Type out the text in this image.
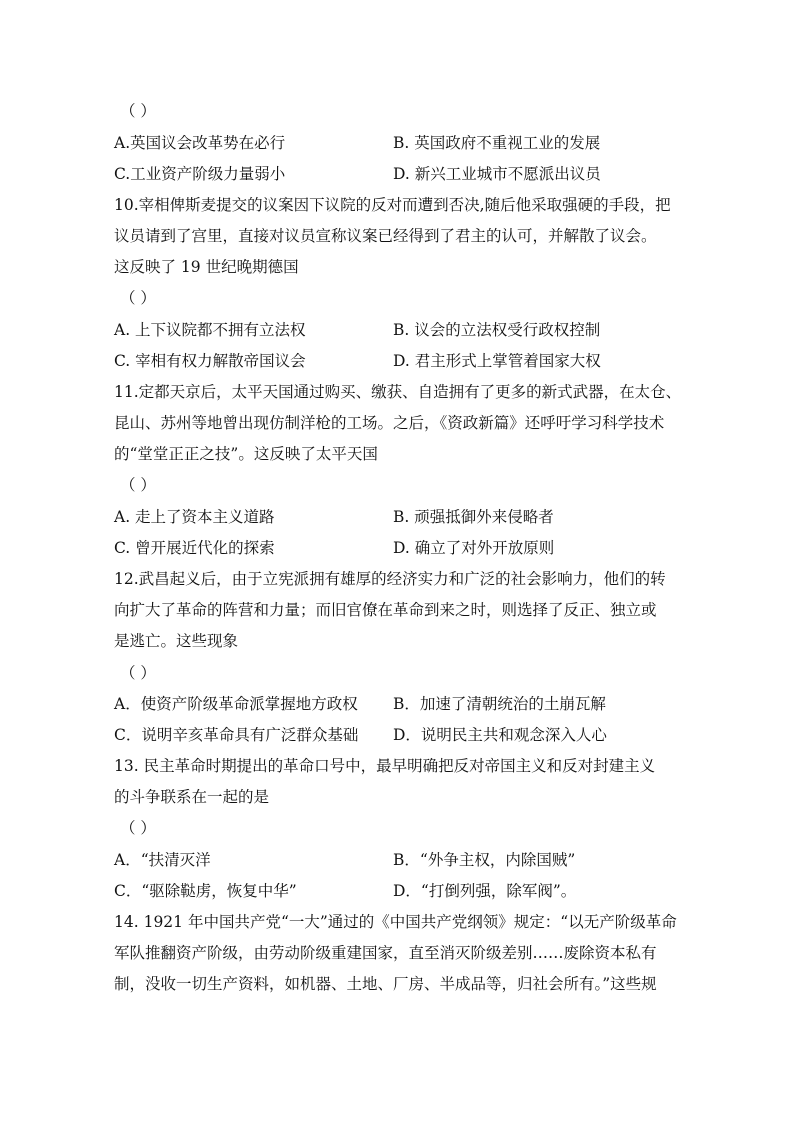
（ ）
A.英国议会改革势在必行	B. 英国政府不重视工业的发展
C.工业资产阶级力量弱小	D. 新兴工业城市不愿派出议员
10.宰相俾斯麦提交的议案因下议院的反对而遭到否决,随后他采取强硬的手段，把
议员请到了宫里，直接对议员宣称议案已经得到了君主的认可，并解散了议会。
这反映了 19 世纪晚期德国
（ ）
A. 上下议院都不拥有立法权	B. 议会的立法权受行政权控制
C. 宰相有权力解散帝国议会	D. 君主形式上掌管着国家大权
11.定都天京后，太平天国通过购买、缴获、自造拥有了更多的新式武器，在太仓、
昆山、苏州等地曾出现仿制洋枪的工场。之后，《资政新篇》还呼吁学习科学技术
的“堂堂正正之技”。这反映了太平天国
（ ）
A. 走上了资本主义道路	B. 顽强抵御外来侵略者
C. 曾开展近代化的探索	D. 确立了对外开放原则
12.武昌起义后，由于立宪派拥有雄厚的经济实力和广泛的社会影响力，他们的转
向扩大了革命的阵营和力量；而旧官僚在革命到来之时，则选择了反正、独立或
是逃亡。这些现象
（ ）
A．使资产阶级革命派掌握地方政权 B．加速了清朝统治的土崩瓦解
C．说明辛亥革命具有广泛群众基础 D．说明民主共和观念深入人心
13. 民主革命时期提出的革命口号中，最早明确把反对帝国主义和反对封建主义
的斗争联系在一起的是
（ ）
A．“扶清灭洋	B．“外争主权，内除国贼”
C．“驱除鞑虏，恢复中华”	D．“打倒列强，除军阀”。
14. 1921 年中国共产党“一大”通过的《中国共产党纲领》规定：“以无产阶级革命
军队推翻资产阶级，由劳动阶级重建国家，直至消灭阶级差别……废除资本私有
制，没收一切生产资料，如机器、土地、厂房、半成品等，归社会所有。”这些规
